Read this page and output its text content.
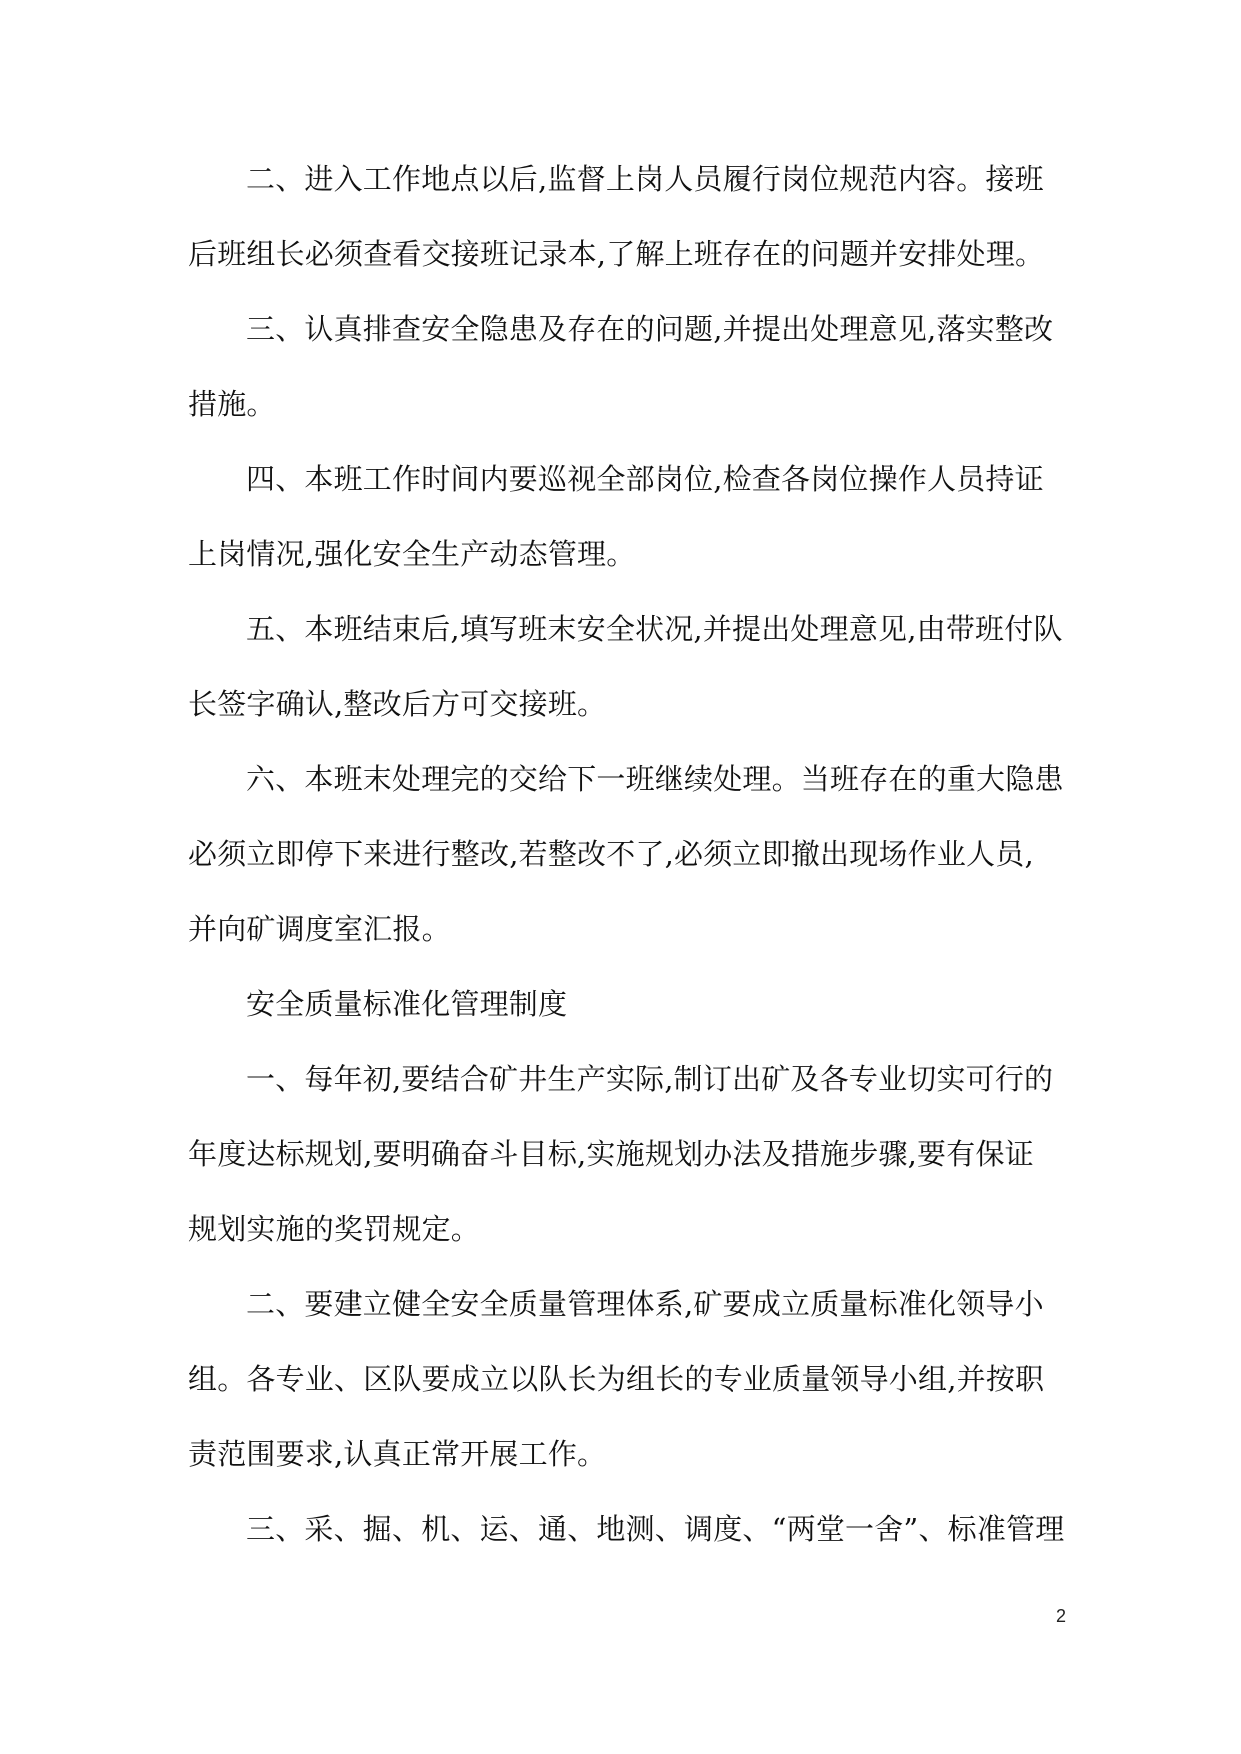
二、进入工作地点以后,监督上岗人员履行岗位规范内容。接班
后班组长必须查看交接班记录本,了解上班存在的问题并安排处理。
三、认真排查安全隐患及存在的问题,并提出处理意见,落实整改
措施。
四、本班工作时间内要巡视全部岗位,检查各岗位操作人员持证
上岗情况,强化安全生产动态管理。
五、本班结束后,填写班末安全状况,并提出处理意见,由带班付队
长签字确认,整改后方可交接班。
六、本班末处理完的交给下一班继续处理。当班存在的重大隐患
必须立即停下来进行整改,若整改不了,必须立即撤出现场作业人员,
并向矿调度室汇报。
安全质量标准化管理制度
一、每年初,要结合矿井生产实际,制订出矿及各专业切实可行的
年度达标规划,要明确奋斗目标,实施规划办法及措施步骤,要有保证
规划实施的奖罚规定。
二、要建立健全安全质量管理体系,矿要成立质量标准化领导小
组。各专业、区队要成立以队长为组长的专业质量领导小组,并按职
责范围要求,认真正常开展工作。
三、采、掘、机、运、通、地测、调度、“两堂一舍”、标准管理
2
